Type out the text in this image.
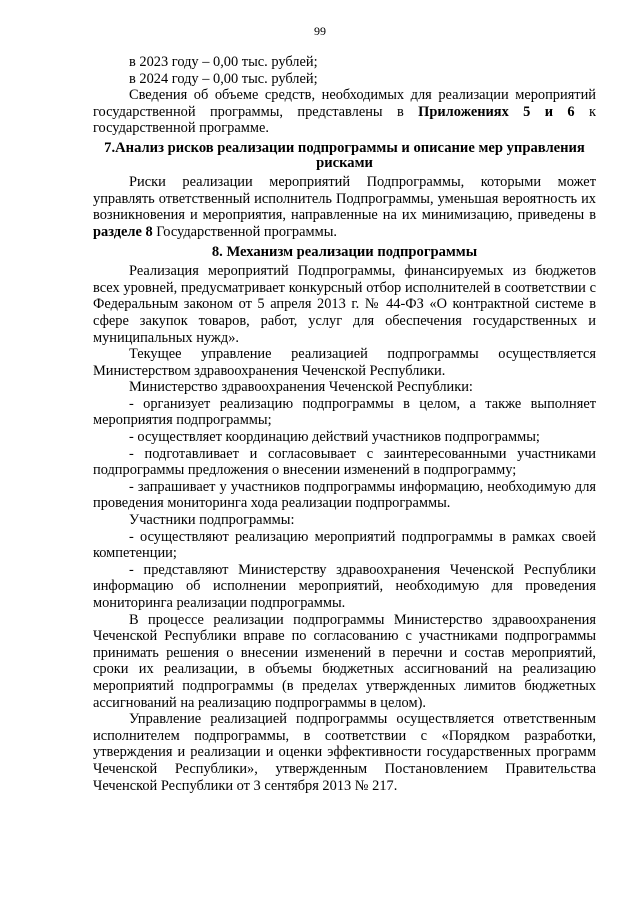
99

в 2023 году – 0,00 тыс. рублей;

в 2024 году – 0,00 тыс. рублей;

Сведения об объеме средств, необходимых для реализации мероприятий государственной программы, представлены в Приложениях 5 и 6 к государственной программе.

7.Анализ рисков реализации подпрограммы и описание мер управления рисками

Риски реализации мероприятий Подпрограммы, которыми может управлять ответственный исполнитель Подпрограммы, уменьшая вероятность их возникновения и мероприятия, направленные на их минимизацию, приведены в разделе 8 Государственной программы.

8. Механизм реализации подпрограммы

Реализация мероприятий Подпрограммы, финансируемых из бюджетов всех уровней, предусматривает конкурсный отбор исполнителей в соответствии с Федеральным законом от 5 апреля 2013 г. № 44-ФЗ «О контрактной системе в сфере закупок товаров, работ, услуг для обеспечения государственных и муниципальных нужд».

Текущее управление реализацией подпрограммы осуществляется Министерством здравоохранения Чеченской Республики.

Министерство здравоохранения Чеченской Республики:

- организует реализацию подпрограммы в целом, а также выполняет мероприятия подпрограммы;

- осуществляет координацию действий участников подпрограммы;

- подготавливает и согласовывает с заинтересованными участниками подпрограммы предложения о внесении изменений в подпрограмму;

- запрашивает у участников подпрограммы информацию, необходимую для проведения мониторинга хода реализации подпрограммы.

Участники подпрограммы:

- осуществляют реализацию мероприятий подпрограммы в рамках своей компетенции;

- представляют Министерству здравоохранения Чеченской Республики информацию об исполнении мероприятий, необходимую для проведения мониторинга реализации подпрограммы.

В процессе реализации подпрограммы Министерство здравоохранения Чеченской Республики вправе по согласованию с участниками подпрограммы принимать решения о внесении изменений в перечни и состав мероприятий, сроки их реализации, в объемы бюджетных ассигнований на реализацию мероприятий подпрограммы (в пределах утвержденных лимитов бюджетных ассигнований на реализацию подпрограммы в целом).

Управление реализацией подпрограммы осуществляется ответственным исполнителем подпрограммы, в соответствии с «Порядком разработки, утверждения и реализации и оценки эффективности государственных программ Чеченской Республики», утвержденным Постановлением Правительства Чеченской Республики от 3 сентября 2013 № 217.
